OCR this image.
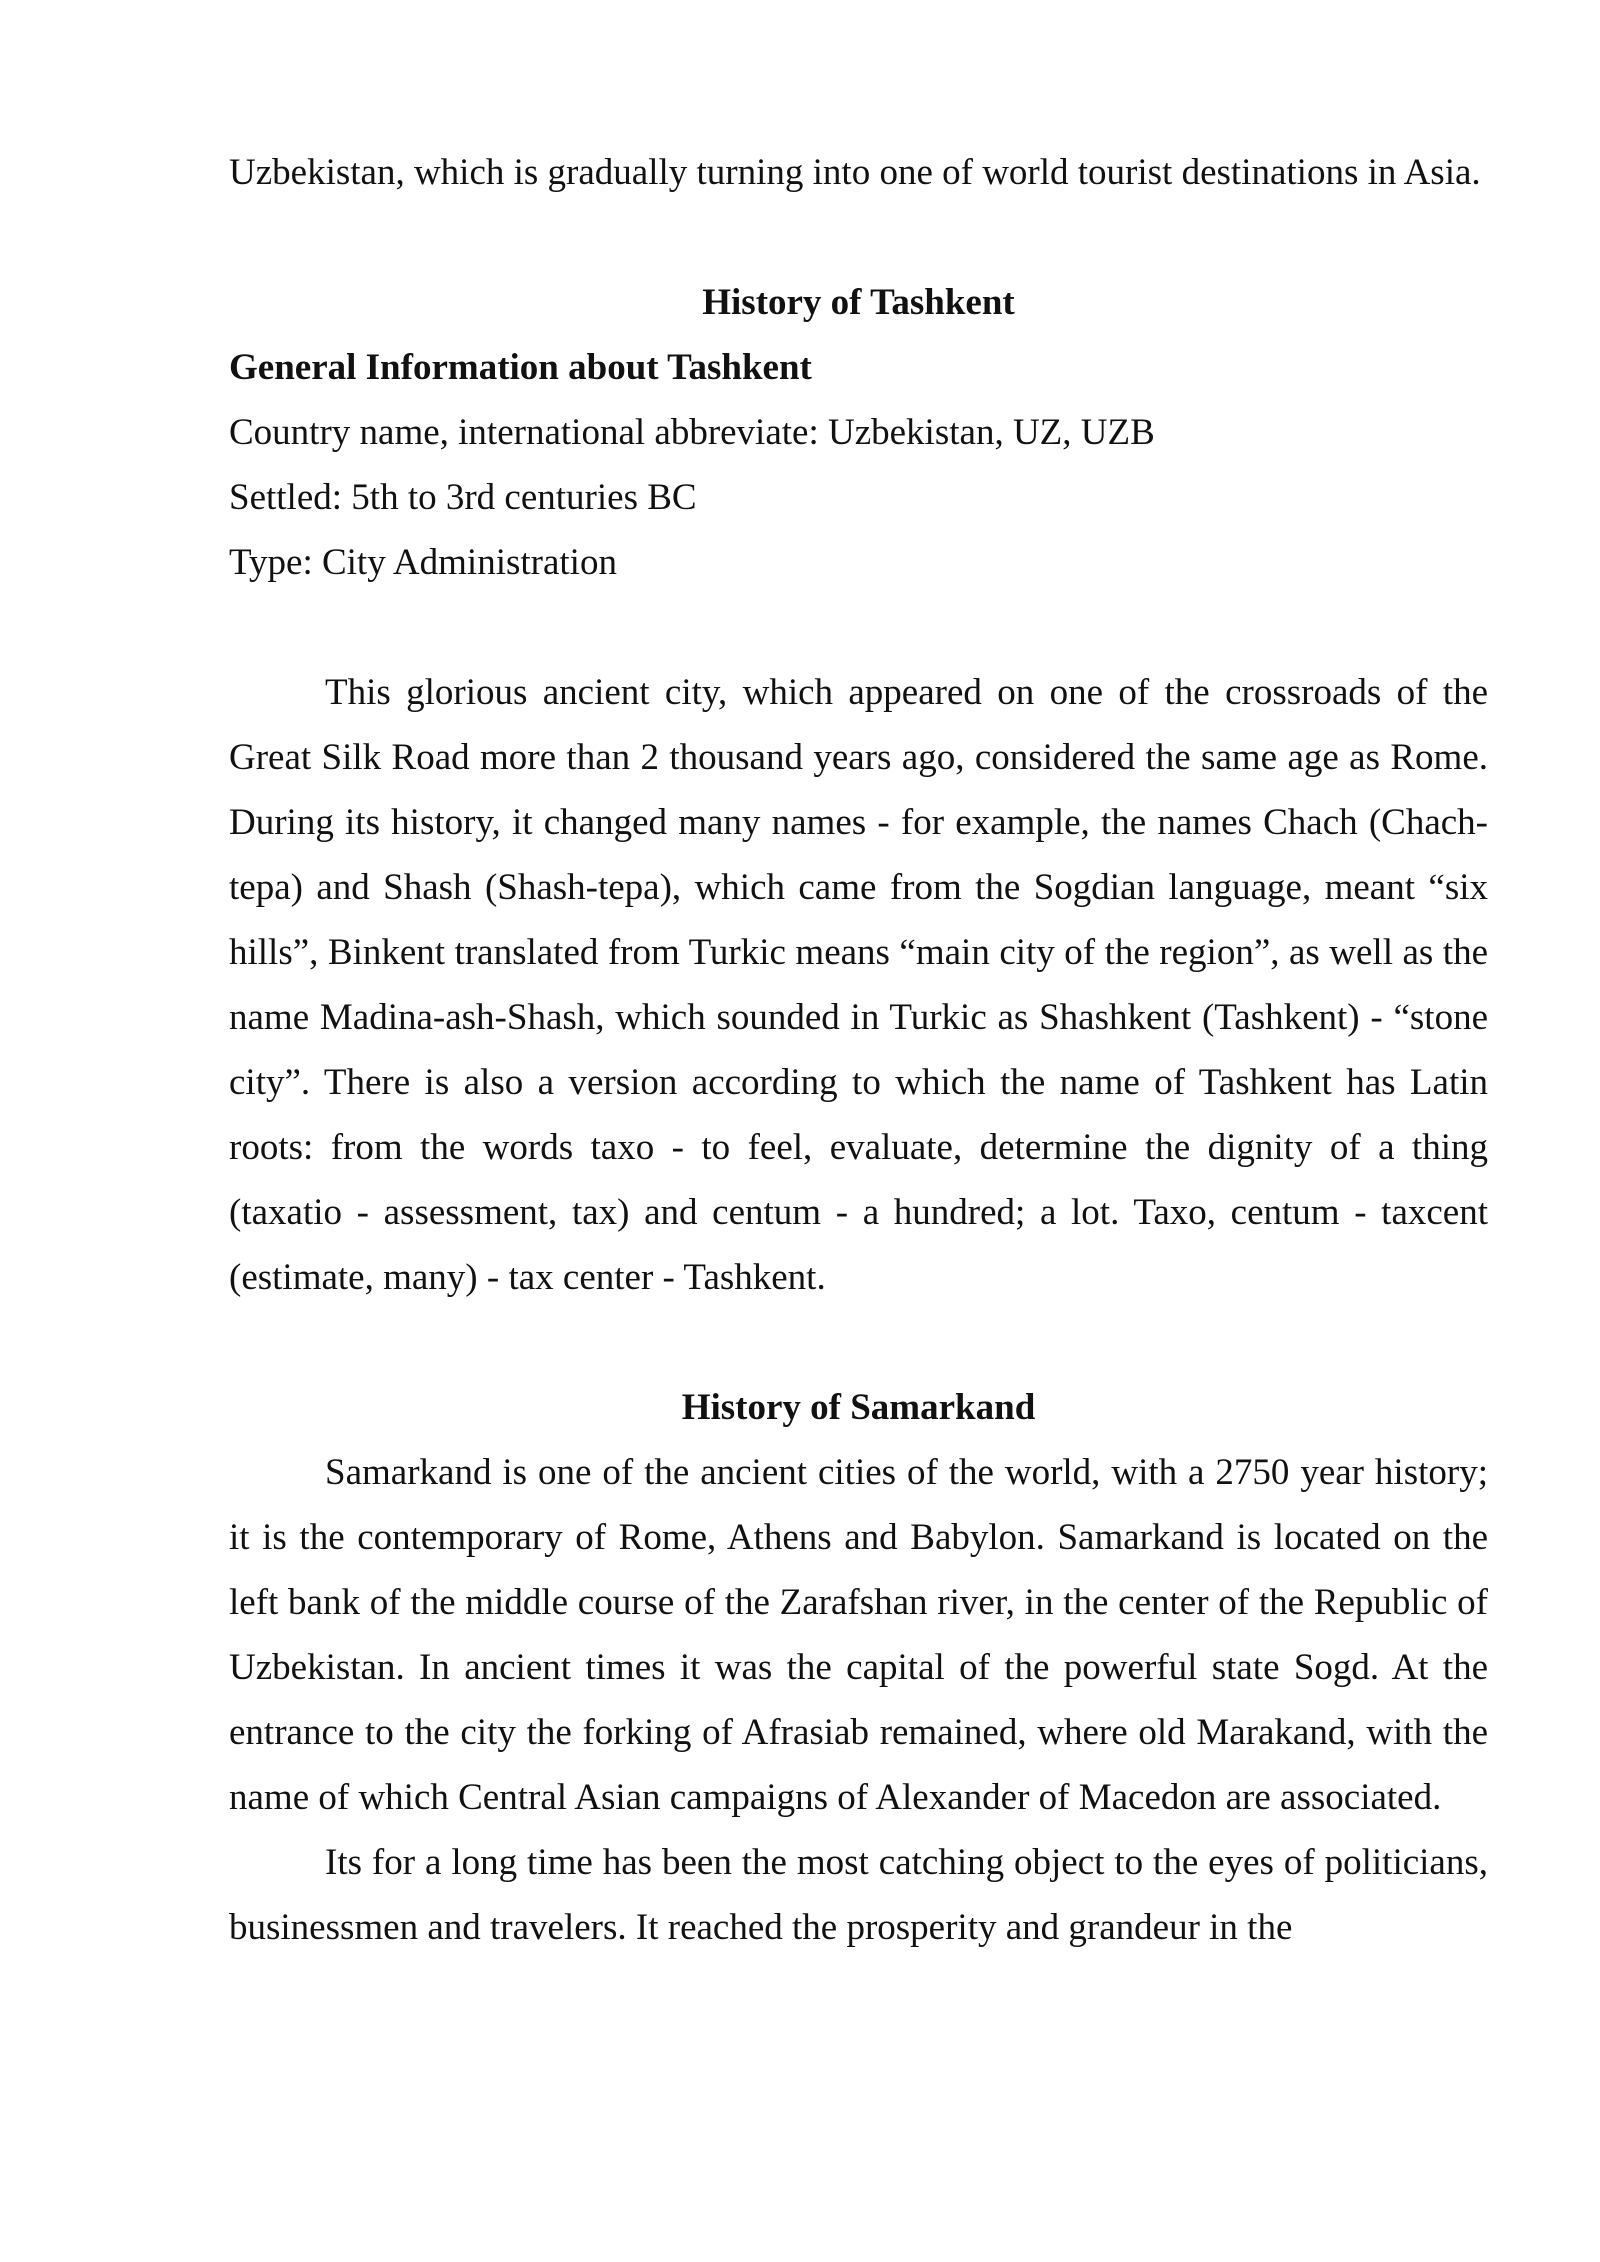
Uzbekistan, which is gradually turning into one of world tourist destinations in Asia.

History of Tashkent

General Information about Tashkent

Country name, international abbreviate: Uzbekistan, UZ, UZB

Settled: 5th to 3rd centuries BC

Type: City Administration

This glorious ancient city, which appeared on one of the crossroads of the Great Silk Road more than 2 thousand years ago, considered the same age as Rome. During its history, it changed many names - for example, the names Chach (Chach-tepa) and Shash (Shash-tepa), which came from the Sogdian language, meant “six hills”, Binkent translated from Turkic means “main city of the region”, as well as the name Madina-ash-Shash, which sounded in Turkic as Shashkent (Tashkent) - “stone city”. There is also a version according to which the name of Tashkent has Latin roots: from the words taxo - to feel, evaluate, determine the dignity of a thing (taxatio - assessment, tax) and centum - a hundred; a lot. Taxo, centum - taxcent (estimate, many) - tax center - Tashkent.

History of Samarkand

Samarkand is one of the ancient cities of the world, with a 2750 year history; it is the contemporary of Rome, Athens and Babylon. Samarkand is located on the left bank of the middle course of the Zarafshan river, in the center of the Republic of Uzbekistan. In ancient times it was the capital of the powerful state Sogd. At the entrance to the city the forking of Afrasiab remained, where old Marakand, with the name of which Central Asian campaigns of Alexander of Macedon are associated.

Its for a long time has been the most catching object to the eyes of politicians, businessmen and travelers. It reached the prosperity and grandeur in the
